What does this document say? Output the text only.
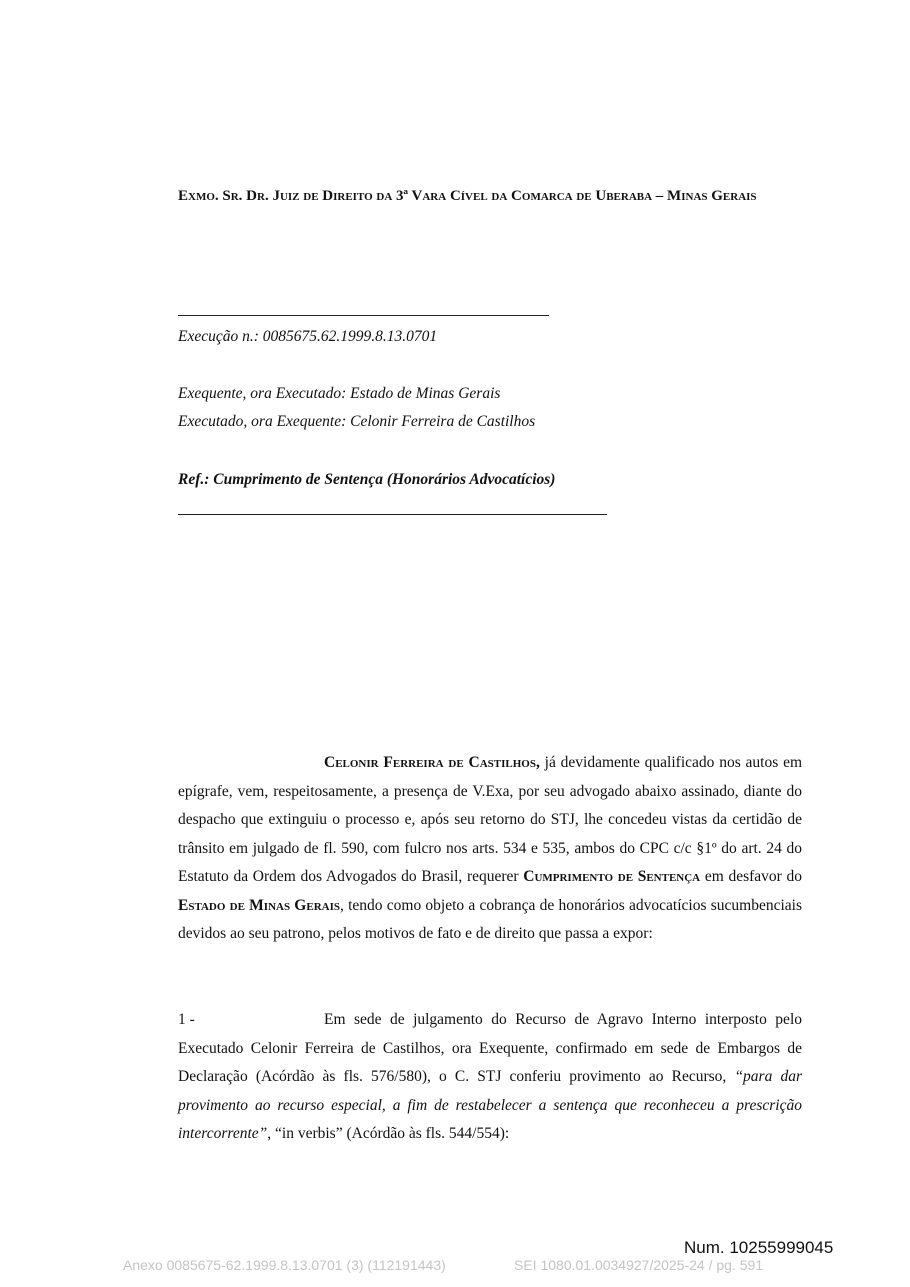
Exmo. Sr. Dr. Juiz de Direito da 3ª Vara Cível da Comarca de Uberaba – Minas Gerais
Execução n.: 0085675.62.1999.8.13.0701
Exequente, ora Executado: Estado de Minas Gerais
Executado, ora Exequente: Celonir Ferreira de Castilhos
Ref.: Cumprimento de Sentença (Honorários Advocatícios)
Celonir Ferreira de Castilhos, já devidamente qualificado nos autos em epígrafe, vem, respeitosamente, a presença de V.Exa, por seu advogado abaixo assinado, diante do despacho que extinguiu o processo e, após seu retorno do STJ, lhe concedeu vistas da certidão de trânsito em julgado de fl. 590, com fulcro nos arts. 534 e 535, ambos do CPC c/c §1º do art. 24 do Estatuto da Ordem dos Advogados do Brasil, requerer Cumprimento de Sentença em desfavor do Estado de Minas Gerais, tendo como objeto a cobrança de honorários advocatícios sucumbenciais devidos ao seu patrono, pelos motivos de fato e de direito que passa a expor:
1 -	Em sede de julgamento do Recurso de Agravo Interno interposto pelo Executado Celonir Ferreira de Castilhos, ora Exequente, confirmado em sede de Embargos de Declaração (Acórdão às fls. 576/580), o C. STJ conferiu provimento ao Recurso, “para dar provimento ao recurso especial, a fim de restabelecer a sentença que reconheceu a prescrição intercorrente”, “in verbis” (Acórdão às fls. 544/554):
Num. 10255999045
Anexo 0085675-62.1999.8.13.0701 (3) (112191443)	SEI 1080.01.0034927/2025-24 / pg. 591
